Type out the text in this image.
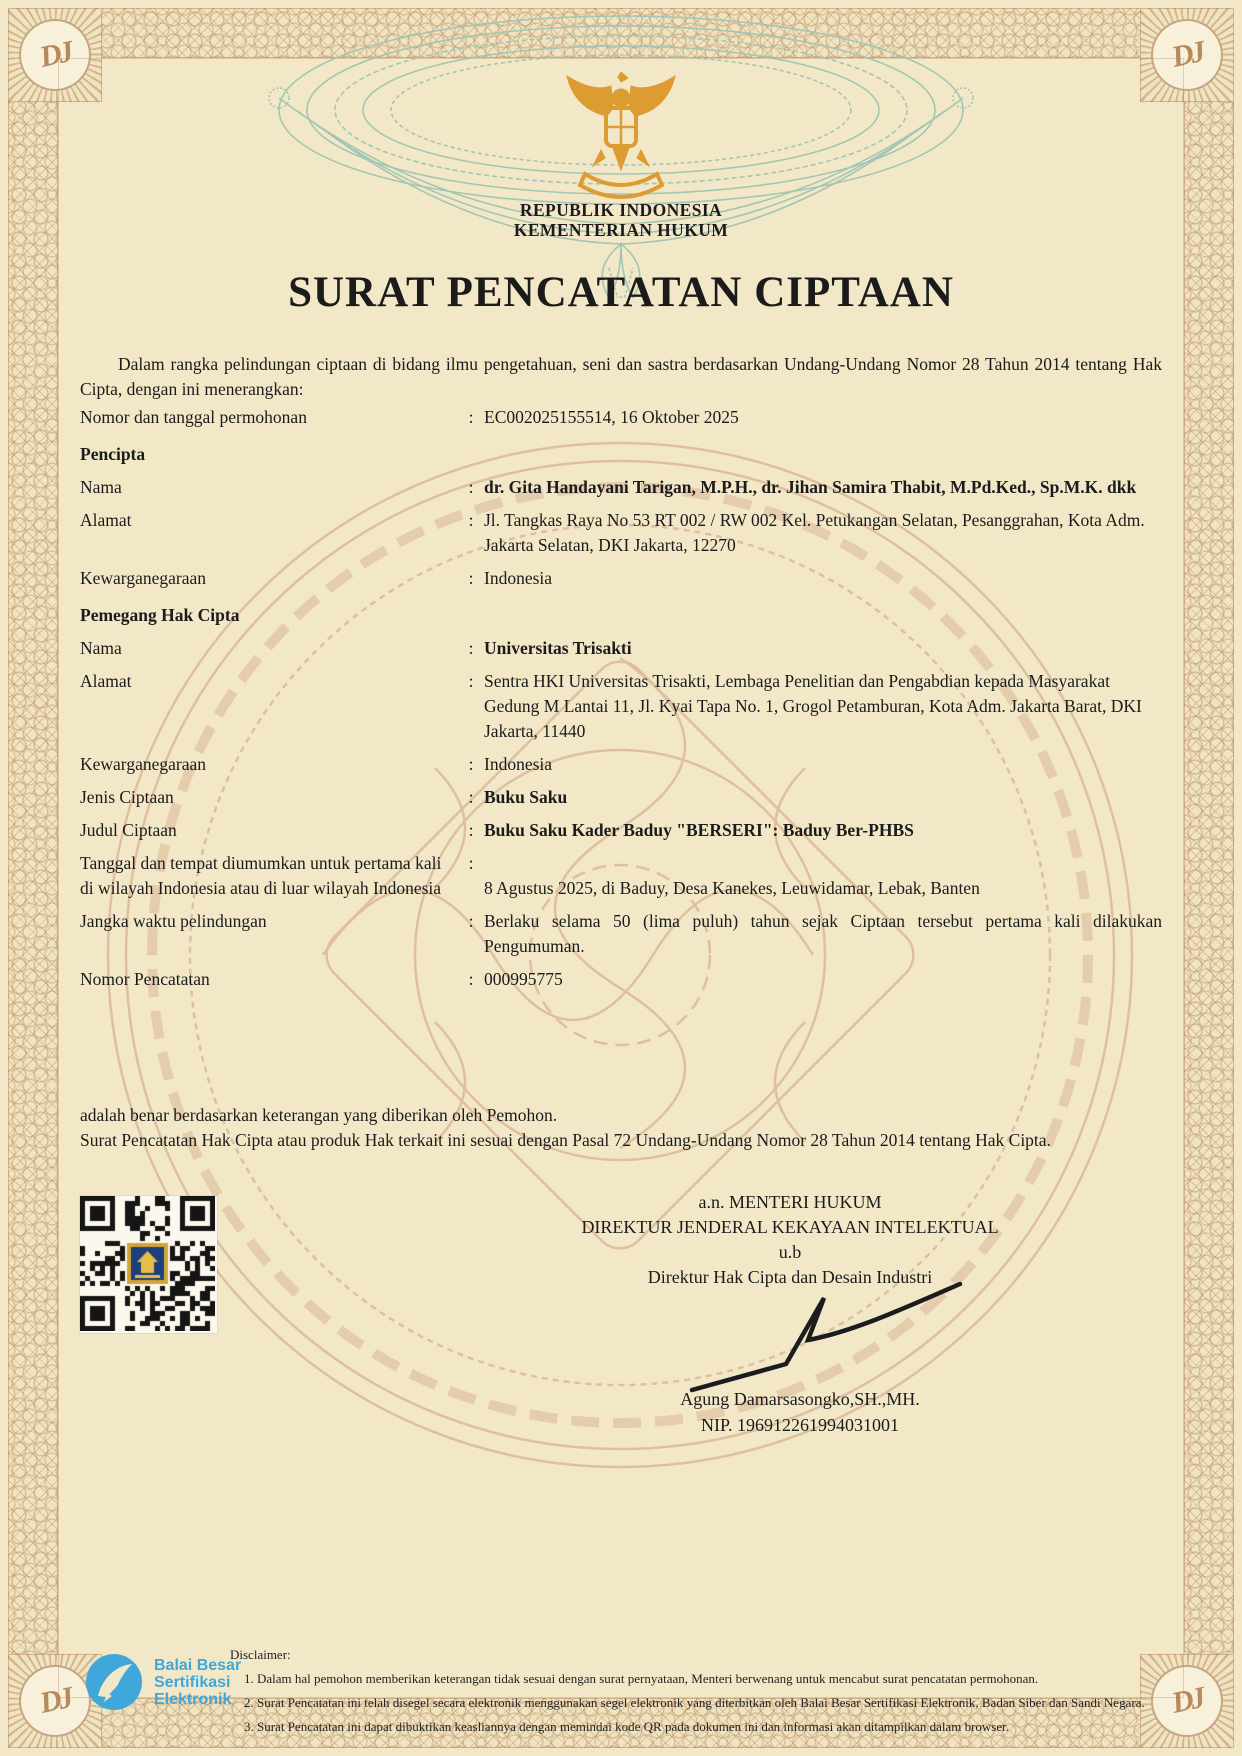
DJ	DJ
DJ	DJ
REPUBLIK INDONESIA
KEMENTERIAN HUKUM
SURAT PENCATATAN CIPTAAN
Dalam rangka pelindungan ciptaan di bidang ilmu pengetahuan, seni dan sastra berdasarkan Undang-Undang Nomor 28 Tahun 2014 tentang Hak Cipta, dengan ini menerangkan:
Nomor dan tanggal permohonan	: EC002025155514, 16 Oktober 2025
Pencipta
Nama	: dr. Gita Handayani Tarigan, M.P.H., dr. Jihan Samira Thabit, M.Pd.Ked., Sp.M.K. dkk
Alamat	: Jl. Tangkas Raya No 53 RT 002 / RW 002 Kel. Petukangan Selatan, Pesanggrahan, Kota Adm. Jakarta Selatan, DKI Jakarta, 12270
Kewarganegaraan	: Indonesia
Pemegang Hak Cipta
Nama	: Universitas Trisakti
Alamat	: Sentra HKI Universitas Trisakti, Lembaga Penelitian dan Pengabdian kepada Masyarakat Gedung M Lantai 11, Jl. Kyai Tapa No. 1, Grogol Petamburan, Kota Adm. Jakarta Barat, DKI Jakarta, 11440
Kewarganegaraan	: Indonesia
Jenis Ciptaan	: Buku Saku
Judul Ciptaan	: Buku Saku Kader Baduy "BERSERI": Baduy Ber-PHBS
Tanggal dan tempat diumumkan untuk pertama kali di wilayah Indonesia atau di luar wilayah Indonesia
:
8 Agustus 2025, di Baduy, Desa Kanekes, Leuwidamar, Lebak, Banten
Jangka waktu pelindungan	: Berlaku selama 50 (lima puluh) tahun sejak Ciptaan tersebut pertama kali dilakukan Pengumuman.
Nomor Pencatatan	: 000995775
adalah benar berdasarkan keterangan yang diberikan oleh Pemohon.
Surat Pencatatan Hak Cipta atau produk Hak terkait ini sesuai dengan Pasal 72 Undang-Undang Nomor 28 Tahun 2014 tentang Hak Cipta.
a.n. MENTERI HUKUM
DIREKTUR JENDERAL KEKAYAAN INTELEKTUAL
u.b
Direktur Hak Cipta dan Desain Industri
Agung Damarsasongko,SH.,MH.
NIP. 196912261994031001
Balai Besar
Sertifikasi
Elektronik
Disclaimer:
1. Dalam hal pemohon memberikan keterangan tidak sesuai dengan surat pernyataan, Menteri berwenang untuk mencabut surat pencatatan permohonan.
2. Surat Pencatatan ini telah disegel secara elektronik menggunakan segel elektronik yang diterbitkan oleh Balai Besar Sertifikasi Elektronik, Badan Siber dan Sandi Negara.
3. Surat Pencatatan ini dapat dibuktikan keasliannya dengan memindai kode QR pada dokumen ini dan informasi akan ditampilkan dalam browser.
